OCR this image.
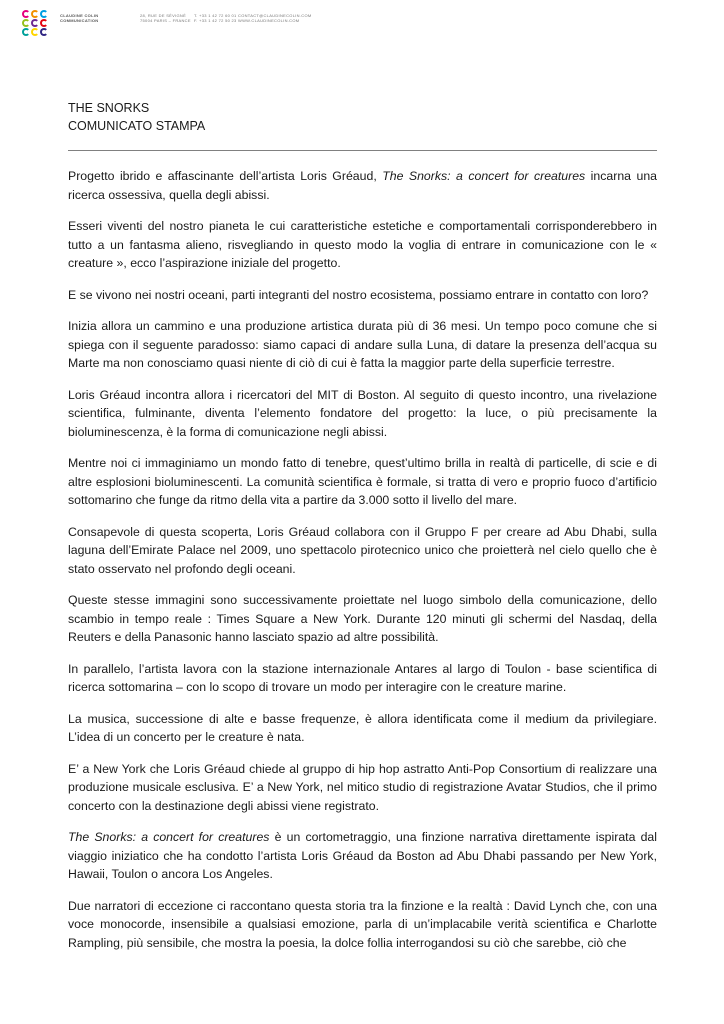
CLAUDINE COLIN
COMMUNICATION
28, RUE DE SÉVIGNÉ
75004 PARIS – FRANCE
T. +33 1 42 72 60 01
F. +33 1 42 72 50 23
CONTACT@CLAUDINECOLIN.COM
WWW.CLAUDINECOLIN.COM
THE SNORKS
COMUNICATO STAMPA

Progetto ibrido e affascinante dell’artista Loris Gréaud, The Snorks: a concert for creatures incarna una ricerca ossessiva, quella degli abissi.

Esseri viventi del nostro pianeta le cui caratteristiche estetiche e comportamentali corrisponderebbero in tutto a un fantasma alieno, risvegliando in questo modo la voglia di entrare in comunicazione con le « creature », ecco l’aspirazione iniziale del progetto.

E se vivono nei nostri oceani, parti integranti del nostro ecosistema, possiamo entrare in contatto con loro?

Inizia allora un cammino e una produzione artistica durata più di 36 mesi. Un tempo poco comune che si spiega con il seguente paradosso: siamo capaci di andare sulla Luna, di datare la presenza dell’acqua su Marte ma non conosciamo quasi niente di ciò di cui è fatta la maggior parte della superficie terrestre.

Loris Gréaud incontra allora i ricercatori del MIT di Boston. Al seguito di questo incontro, una rivelazione scientifica, fulminante, diventa l’elemento fondatore del progetto: la luce, o più precisamente la bioluminescenza, è la forma di comunicazione negli abissi.

Mentre noi ci immaginiamo un mondo fatto di tenebre, quest’ultimo brilla in realtà di particelle, di scie e di altre esplosioni bioluminescenti. La comunità scientifica è formale, si tratta di vero e proprio fuoco d’artificio sottomarino che funge da ritmo della vita a partire da 3.000 sotto il livello del mare.

Consapevole di questa scoperta, Loris Gréaud collabora con il Gruppo F per creare ad Abu Dhabi, sulla laguna dell’Emirate Palace nel 2009, uno spettacolo pirotecnico unico che proietterà nel cielo quello che è stato osservato nel profondo degli oceani.

Queste stesse immagini sono successivamente proiettate nel luogo simbolo della comunicazione, dello scambio in tempo reale : Times Square a New York. Durante 120 minuti gli schermi del Nasdaq, della Reuters e della Panasonic hanno lasciato spazio ad altre possibilità.

In parallelo, l’artista lavora con la stazione internazionale Antares al largo di Toulon - base scientifica di ricerca sottomarina – con lo scopo di trovare un modo per interagire con le creature marine.

La musica, successione di alte e basse frequenze, è allora identificata come il medium da privilegiare. L’idea di un concerto per le creature è nata.

E’ a New York che Loris Gréaud chiede al gruppo di hip hop astratto Anti-Pop Consortium di realizzare una produzione musicale esclusiva. E’ a New York, nel mitico studio di registrazione Avatar Studios, che il primo concerto con la destinazione degli abissi viene registrato.

The Snorks: a concert for creatures è un cortometraggio, una finzione narrativa direttamente ispirata dal viaggio iniziatico che ha condotto l’artista Loris Gréaud da Boston ad Abu Dhabi passando per New York, Hawaii, Toulon o ancora Los Angeles.

Due narratori di eccezione ci raccontano questa storia tra la finzione e la realtà : David Lynch che, con una voce monocorde, insensibile a qualsiasi emozione, parla di un’implacabile verità scientifica e Charlotte Rampling, più sensibile, che mostra la poesia, la dolce follia interrogandosi su ciò che sarebbe, ciò che
